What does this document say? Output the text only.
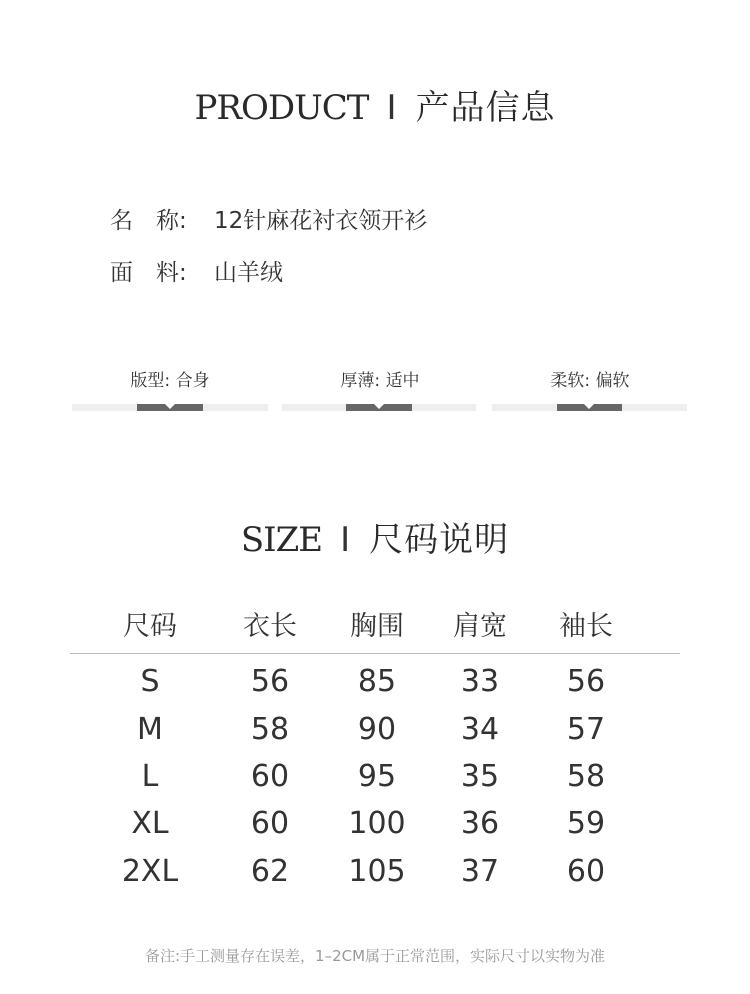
PRODUCT I 产品信息
名　称: 12针麻花衬衣领开衫
面　料: 山羊绒
版型: 合身	厚薄: 适中	柔软: 偏软
SIZE I 尺码说明
尺码	衣长	胸围	肩宽	袖长
S	56	85	33	56
M	58	90	34	57
L	60	95	35	58
XL	60	100	36	59
2XL	62	105	37	60
备注:手工测量存在误差，1–2CM属于正常范围，实际尺寸以实物为准
